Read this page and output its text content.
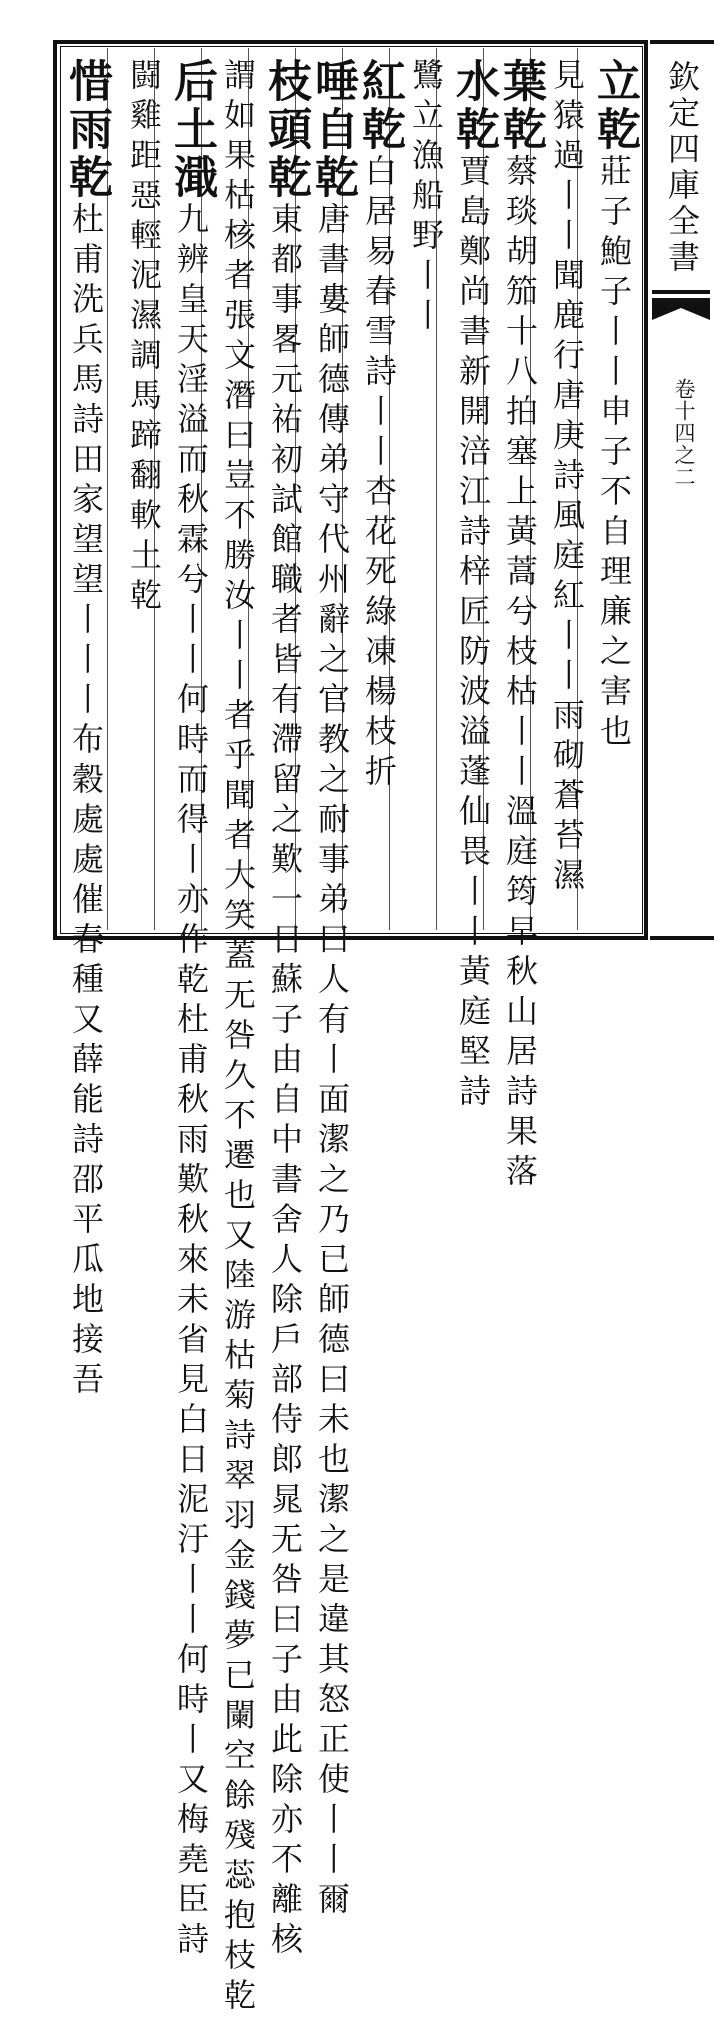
欽定四庫全書
卷十四之二
立乾莊子鮑子丨丨申子不自理廉之害也
見猿過丨丨聞鹿行唐庚詩風庭紅丨丨雨砌蒼苔濕
葉乾蔡琰胡笳十八拍塞上黃蒿兮枝枯丨丨溫庭筠早秋山居詩果落
水乾賈島鄭尚書新開涪江詩梓匠防波溢蓬仙畏丨丨黃庭堅詩
鷺立漁船野丨丨
紅乾白居易春雪詩丨丨杏花死綠凍楊枝折
唾自乾唐書婁師德傳弟守代州辭之官教之耐事弟曰人有丨面潔之乃已師德曰未也潔之是違其怒正使丨丨爾
枝頭乾東都事畧元祐初試館職者皆有滯留之歎一日蘇子由自中書舍人除戶部侍郎晁无咎曰子由此除亦不離核
謂如果枯核者張文潛曰豈不勝汝丨丨者乎聞者大笑蓋无咎久不遷也又陸游枯菊詩翠羽金錢夢已闌空餘殘蕊抱枝乾
后土濈九辨皇天淫溢而秋霖兮丨丨何時而得丨亦作乾杜甫秋雨歎秋來未省見白日泥汙丨丨何時丨又梅堯臣詩
闘雞距惡輕泥濕調馬蹄翻軟土乾
惜雨乾杜甫洗兵馬詩田家望望丨丨丨布穀處處催春種又薛能詩邵平瓜地接吾
